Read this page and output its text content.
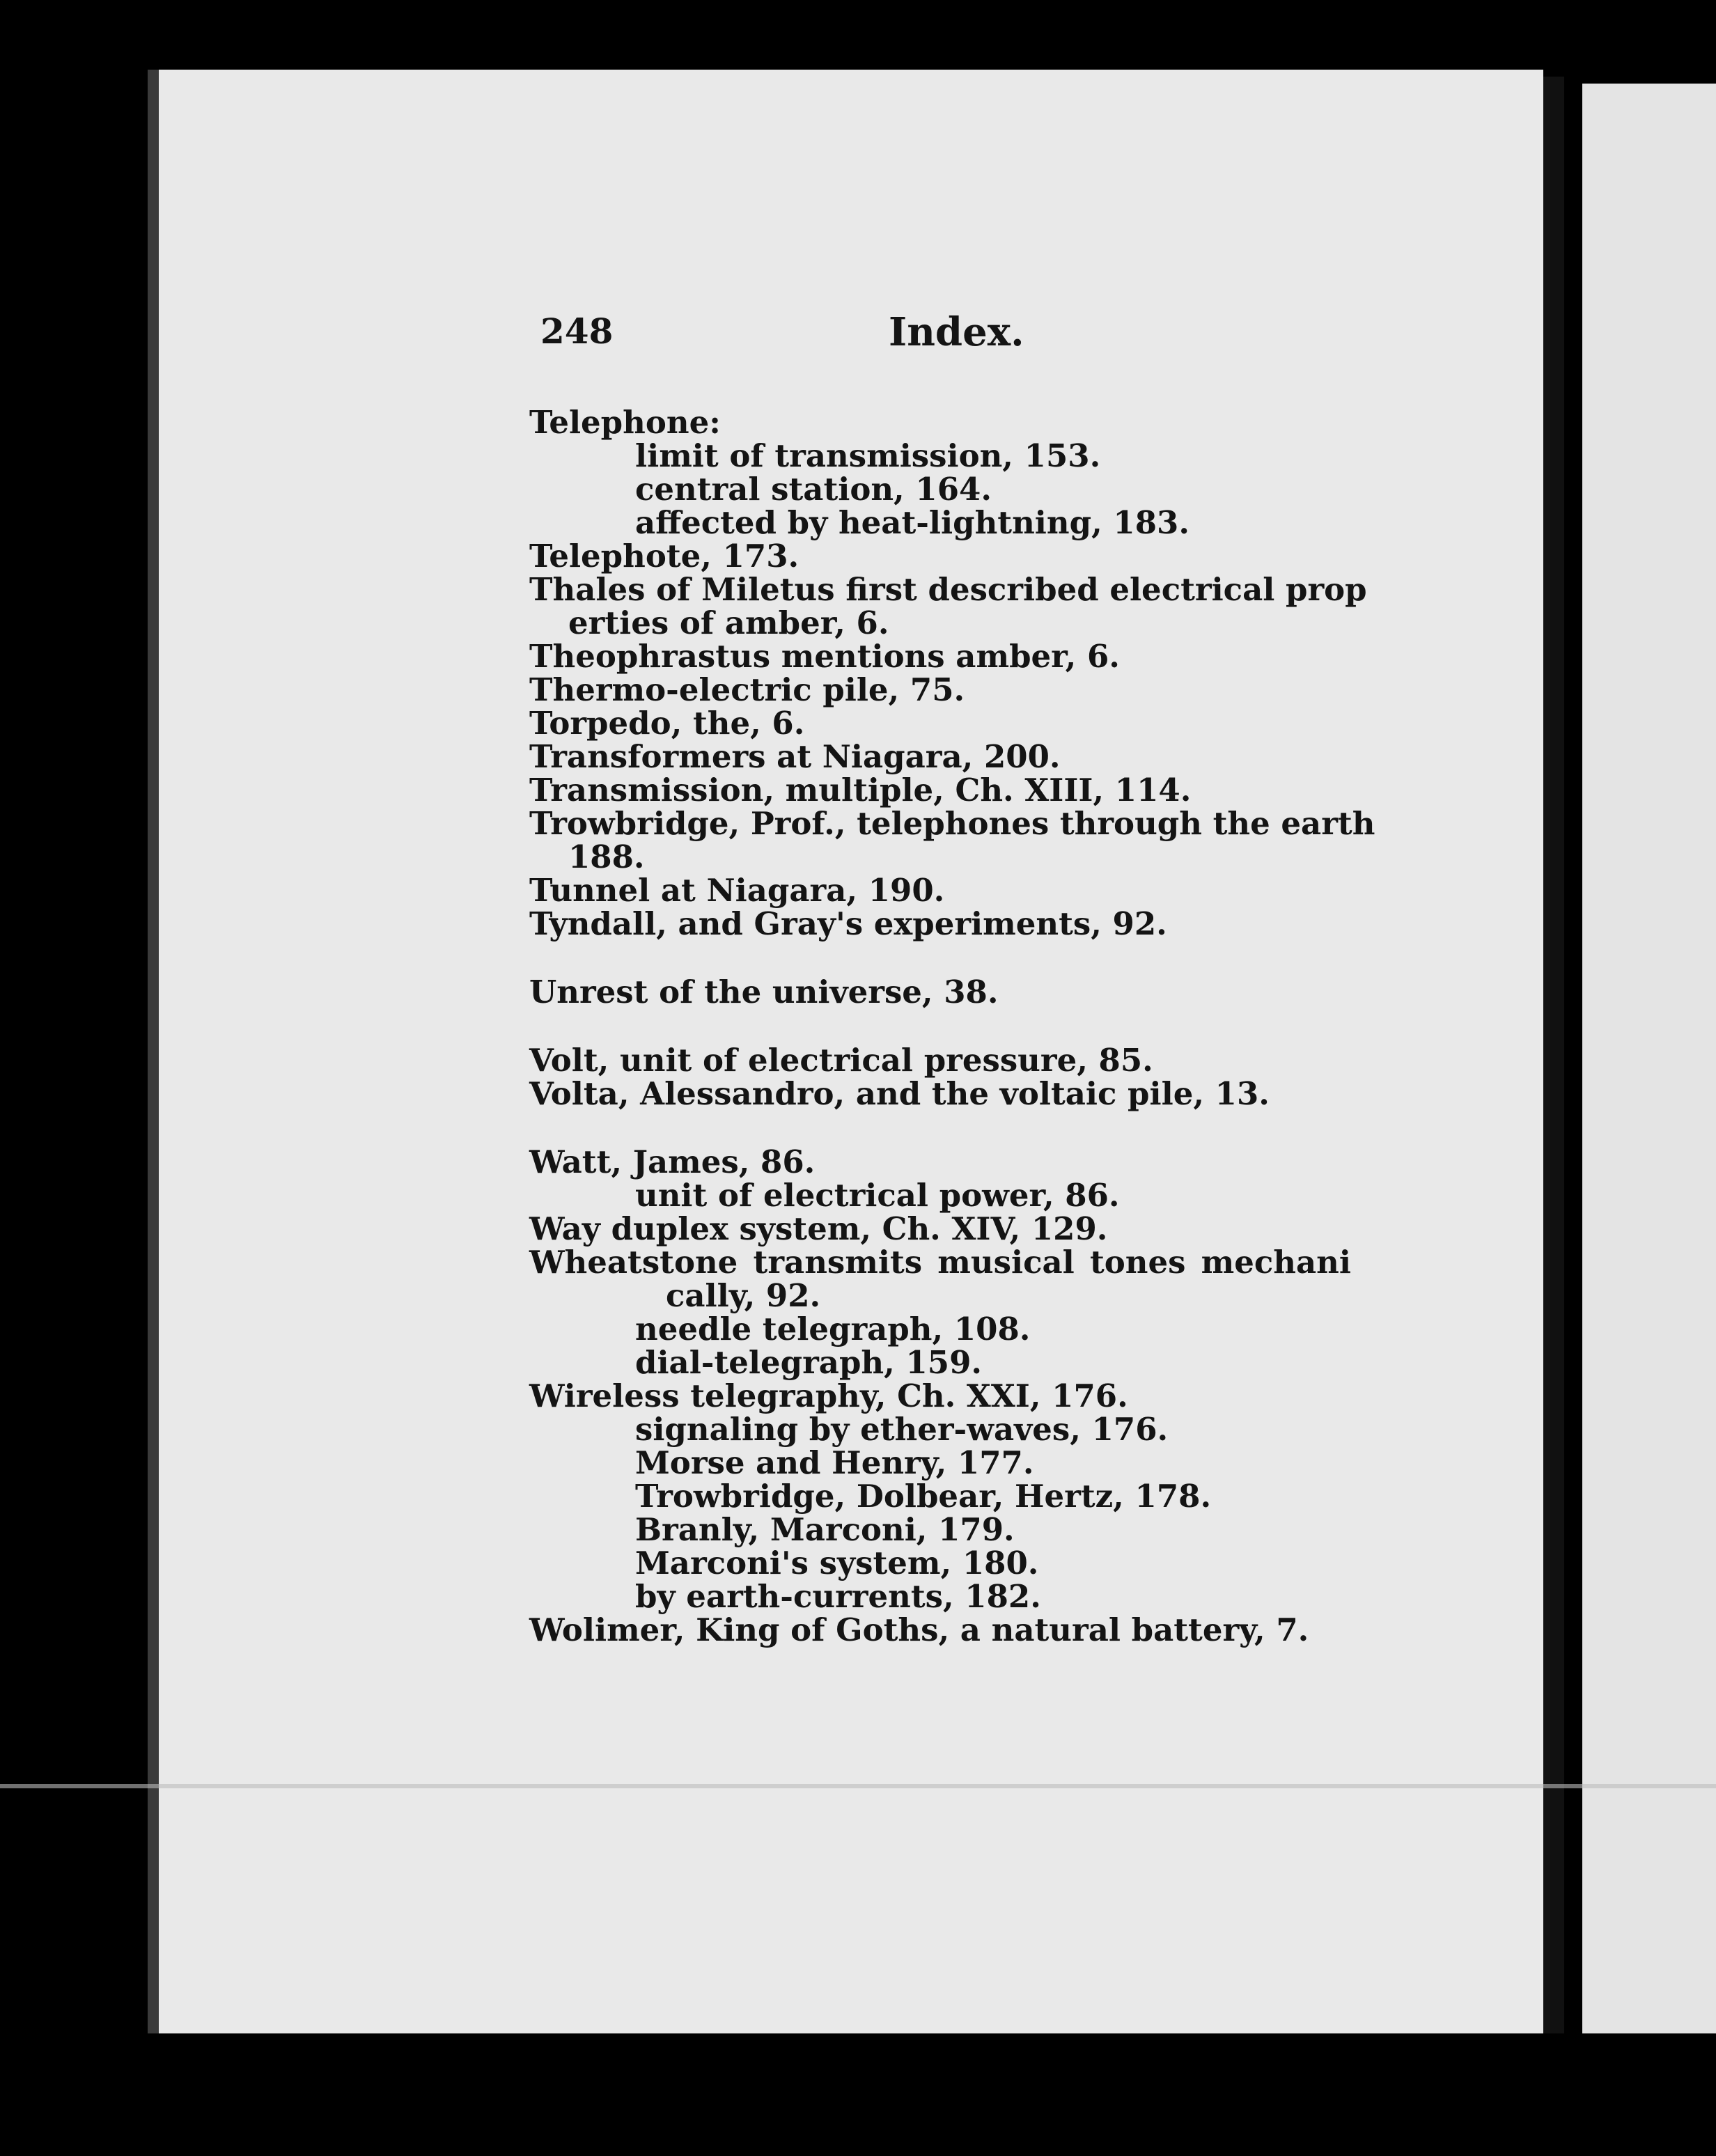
248	Index.
Telephone:
limit of transmission, 153.
central station, 164.
affected by heat-lightning, 183.
Telephote, 173.
Thales of Miletus first described electrical prop
erties of amber, 6.
Theophrastus mentions amber, 6.
Thermo-electric pile, 75.
Torpedo, the, 6.
Transformers at Niagara, 200.
Transmission, multiple, Ch. XIII, 114.
Trowbridge, Prof., telephones through the earth
188.
Tunnel at Niagara, 190.
Tyndall, and Gray's experiments, 92.
Unrest of the universe, 38.
Volt, unit of electrical pressure, 85.
Volta, Alessandro, and the voltaic pile, 13.
Watt, James, 86.
unit of electrical power, 86.
Way duplex system, Ch. XIV, 129.
Wheatstone transmits musical tones mechani
cally, 92.
needle telegraph, 108.
dial-telegraph, 159.
Wireless telegraphy, Ch. XXI, 176.
signaling by ether-waves, 176.
Morse and Henry, 177.
Trowbridge, Dolbear, Hertz, 178.
Branly, Marconi, 179.
Marconi's system, 180.
by earth-currents, 182.
Wolimer, King of Goths, a natural battery, 7.
